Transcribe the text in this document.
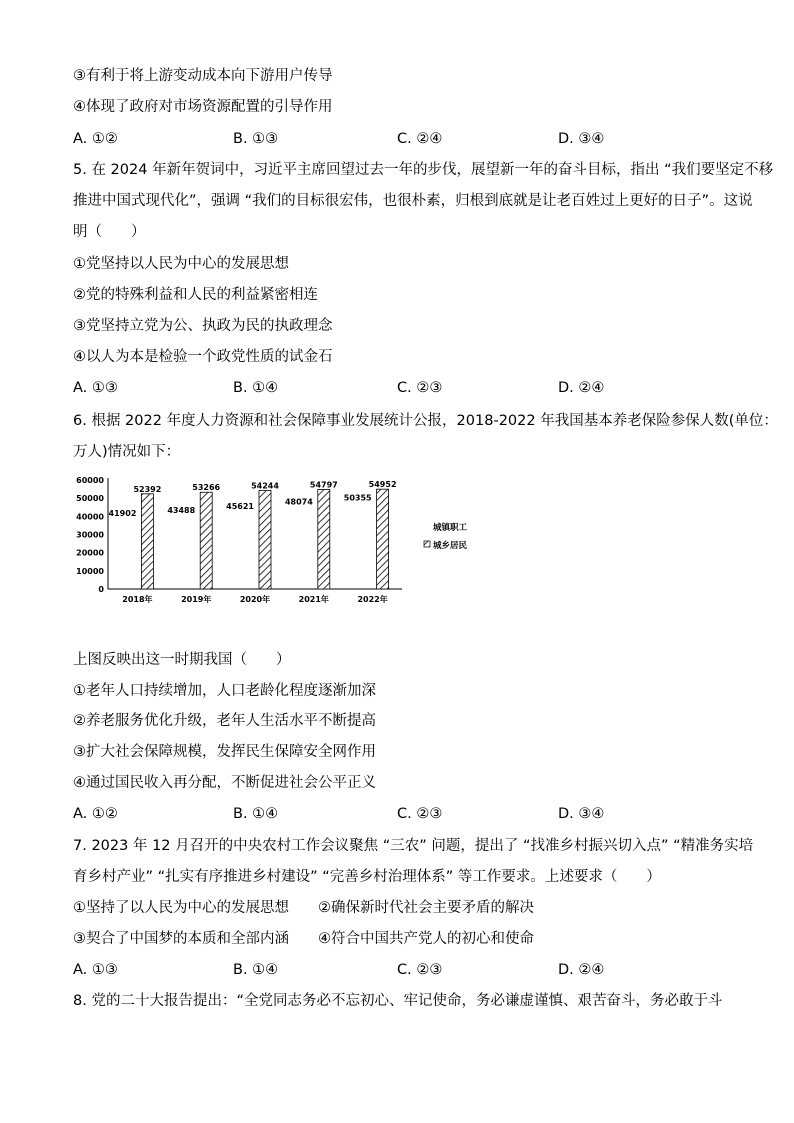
③有利于将上游变动成本向下游用户传导
④体现了政府对市场资源配置的引导作用
A. ①②	B. ①③	C. ②④	D. ③④
5. 在 2024 年新年贺词中，习近平主席回望过去一年的步伐，展望新一年的奋斗目标，指出 “我们要坚定不移
推进中国式现代化”，强调 “我们的目标很宏伟，也很朴素，归根到底就是让老百姓过上更好的日子”。这说
明（　　）
①党坚持以人民为中心的发展思想
②党的特殊利益和人民的利益紧密相连
③党坚持立党为公、执政为民的执政理念
④以人为本是检验一个政党性质的试金石
A. ①③	B. ①④	C. ②③	D. ②④
6. 根据 2022 年度人力资源和社会保障事业发展统计公报，2018-2022 年我国基本养老保险参保人数(单位：
万人)情况如下：
0
10000
20000
30000
40000
50000
60000
41902
52392
2018年
43488
53266
2019年
45621
54244
2020年
48074
54797
2021年
50355
54952
2022年
城镇职工
城乡居民
上图反映出这一时期我国（　　）
①老年人口持续增加，人口老龄化程度逐渐加深
②养老服务优化升级，老年人生活水平不断提高
③扩大社会保障规模，发挥民生保障安全网作用
④通过国民收入再分配，不断促进社会公平正义
A. ①②	B. ①④	C. ②③	D. ③④
7. 2023 年 12 月召开的中央农村工作会议聚焦 “三农” 问题，提出了 “找准乡村振兴切入点” “精准务实培
育乡村产业” “扎实有序推进乡村建设” “完善乡村治理体系” 等工作要求。上述要求（　　）
①坚持了以人民为中心的发展思想　　②确保新时代社会主要矛盾的解决
③契合了中国梦的本质和全部内涵　　④符合中国共产党人的初心和使命
A. ①③	B. ①④	C. ②③	D. ②④
8. 党的二十大报告提出：“全党同志务必不忘初心、牢记使命，务必谦虚谨慎、艰苦奋斗，务必敢于斗
